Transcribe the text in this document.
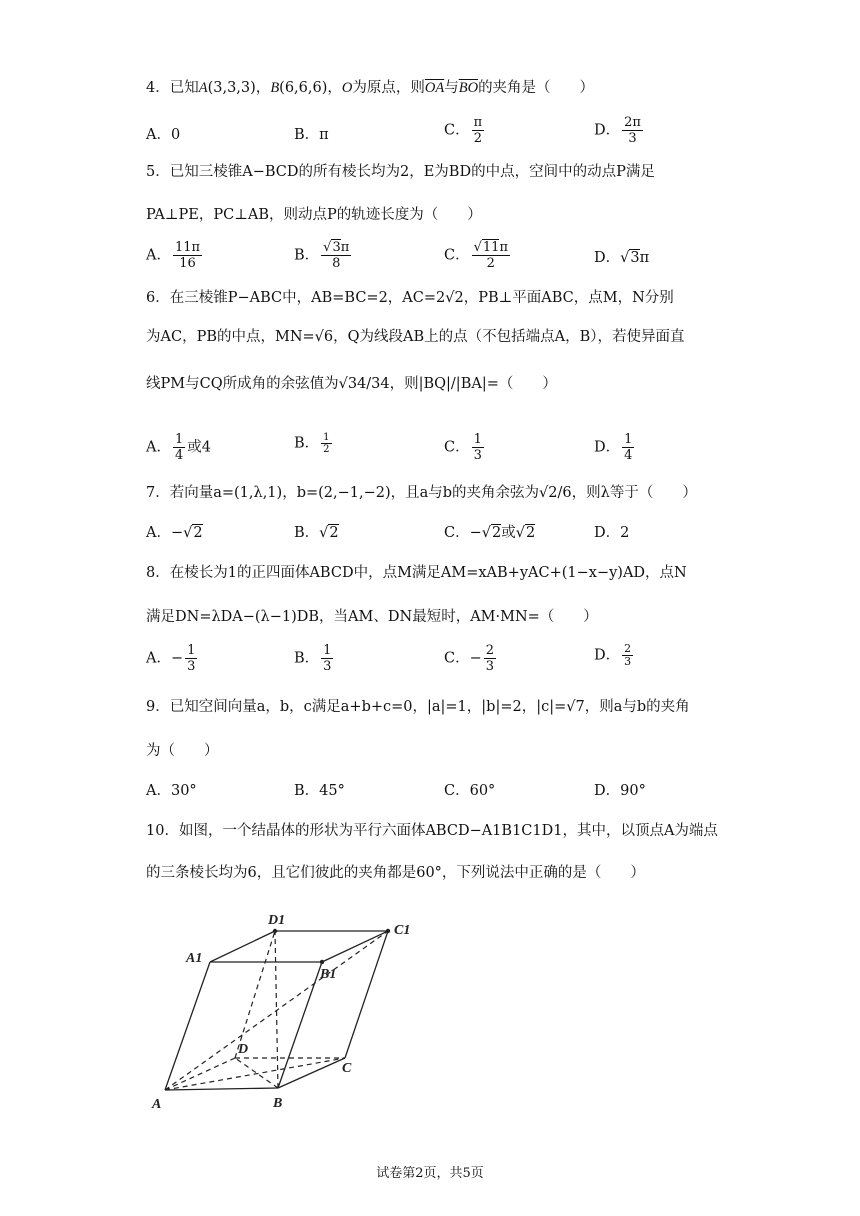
4．已知A(3,3,3)，B(6,6,6)，O为原点，则$\overline{OA}$与$\overline{BO}$的夹角是（　　）
A．0	B．π	C． $\frac{\pi}{2}$	D． $\frac{2\pi}{3}$
5．已知三棱锥A−BCD的所有棱长均为2，E为BD的中点，空间中的动点P满足
PA⊥PE，PC⊥AB，则动点P的轨迹长度为（　　）
A． $\frac{11\pi}{16}$	B． $\frac{√3\pi}{8}$	C． $\frac{√11\pi}{2}$	D．√3π
6．在三棱锥P−ABC中，AB=BC=2，AC=2√2，PB⊥平面ABC，点M，N分别
为AC，PB的中点，MN=√6，Q为线段AB上的点（不包括端点A，B），若使异面直
线PM与CQ所成角的余弦值为√34/34，则|BQ|/|BA|=（　　）
A． $\frac{1}{4}$ 或4	B． $\frac{1}{2}$	C． $\frac{1}{3}$	D． $\frac{1}{4}$
7．若向量a=(1,λ,1)，b=(2,−1,−2)，且a与b的夹角余弦为√2/6，则λ等于（　　）
A．−√2	B．√2	C．−√2或√2	D．2
8．在棱长为1的正四面体ABCD中，点M满足AM=xAB+yAC+(1−x−y)AD，点N
满足DN=λDA−(λ−1)DB，当AM、DN最短时，AM·MN=（　　）
A．− $\frac{1}{3}$	B． $\frac{1}{3}$	C．− $\frac{2}{3}$	D． $\frac{2}{3}$
9．已知空间向量a，b，c满足a+b+c=0，|a|=1，|b|=2，|c|=√7，则a与b的夹角
为（　　）
A．30°	B．45°	C．60°	D．90°
10．如图，一个结晶体的形状为平行六面体ABCD−A1B1C1D1，其中，以顶点A为端点
的三条棱长均为6，且它们彼此的夹角都是60°，下列说法中正确的是（　　）
A	B
C
D
A1
B1
C1
D1
试卷第2页，共5页
